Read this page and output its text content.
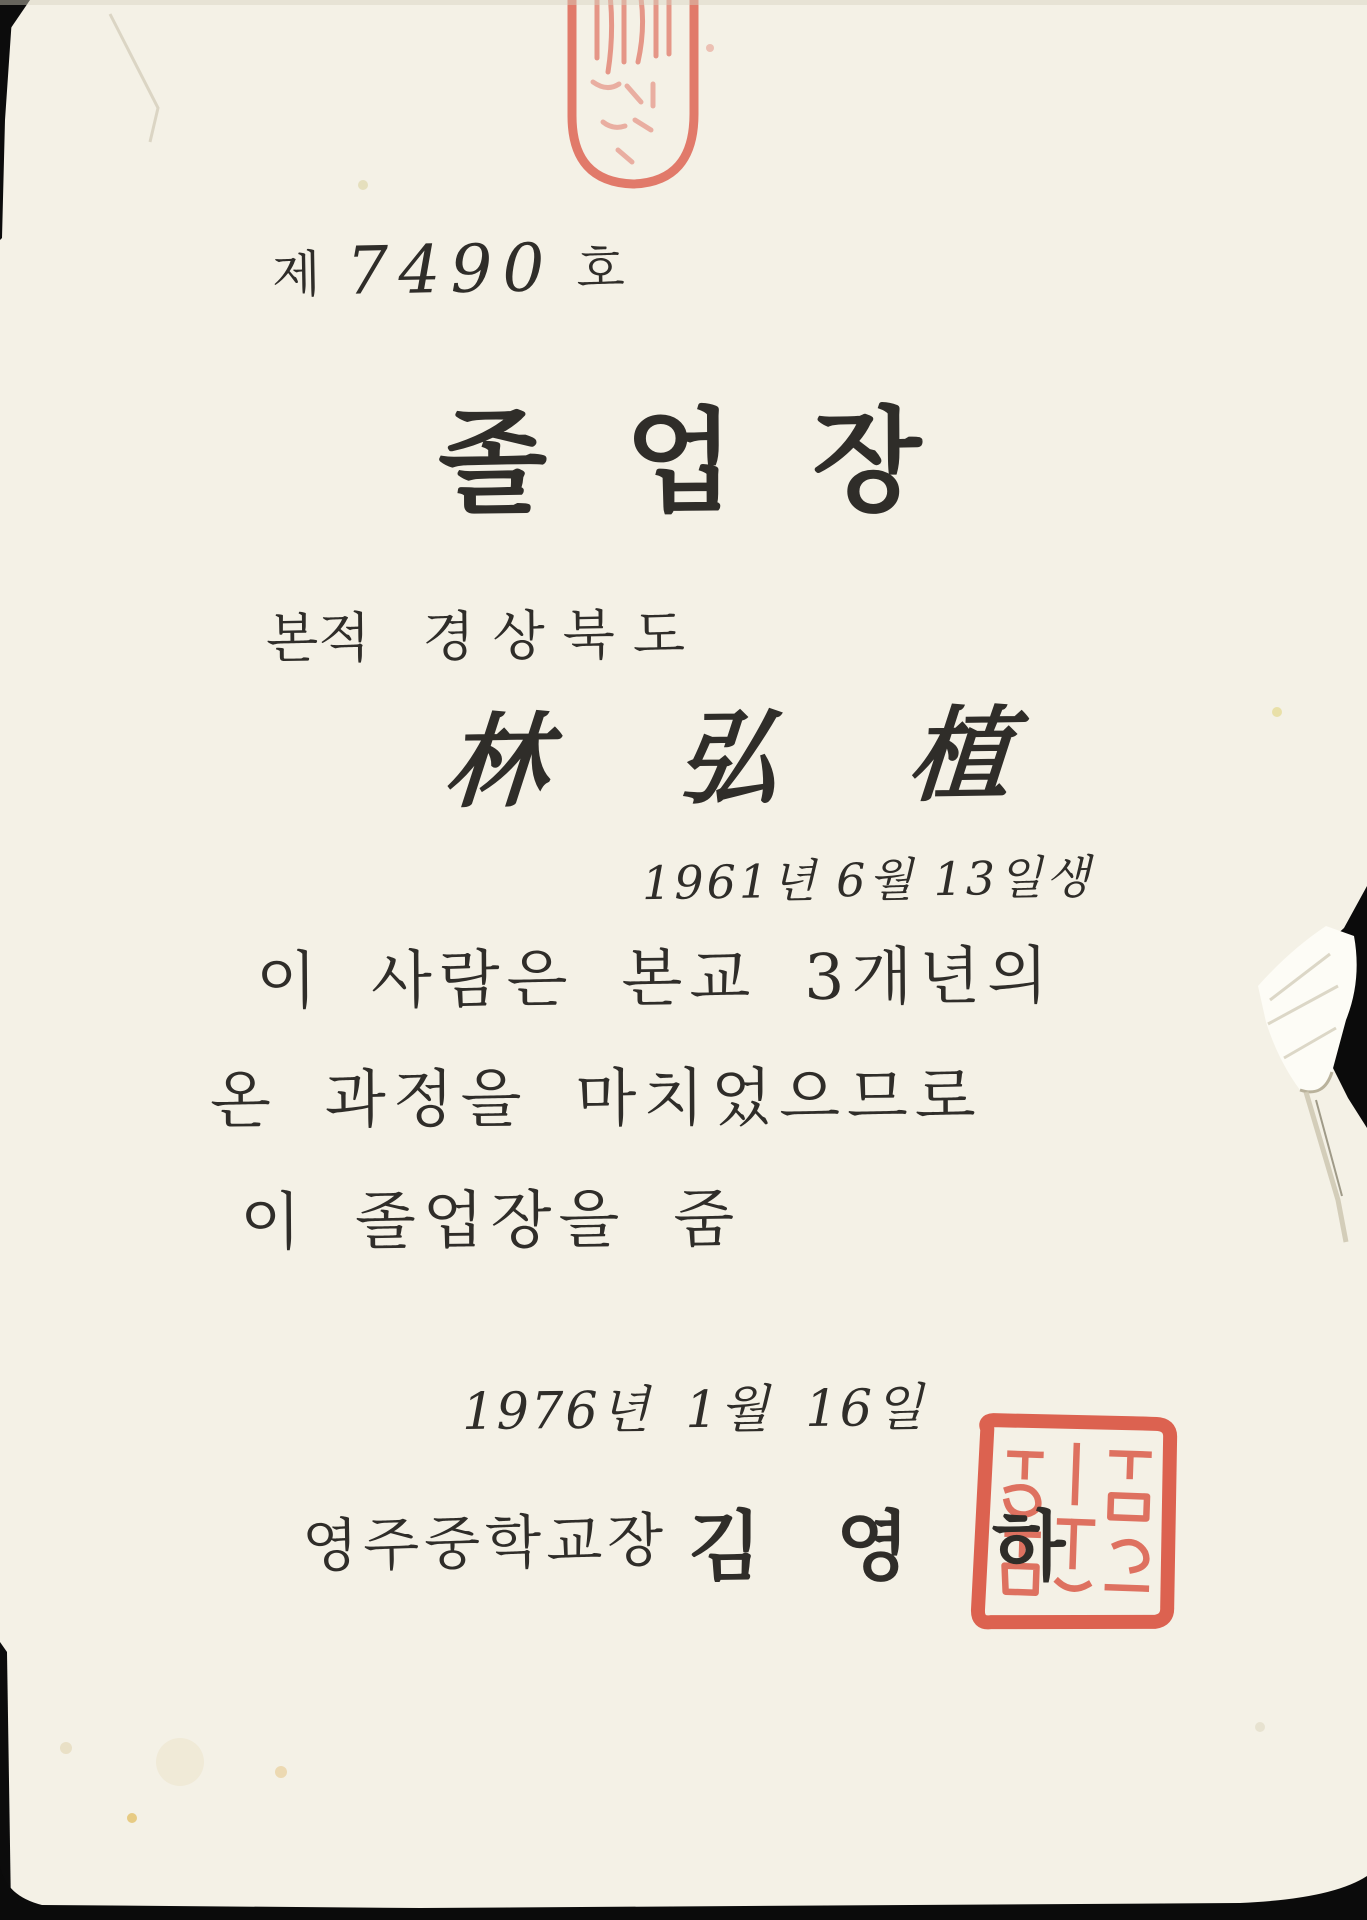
제 7490 호
졸업장
본적 경상북도
林 弘 植
1961년 6월 13일생
이 사람은 본교 3개년의
온 과정을 마치었으므로
이 졸업장을 줌
1976년 1월 16일
영주중학교장 김 영 하
